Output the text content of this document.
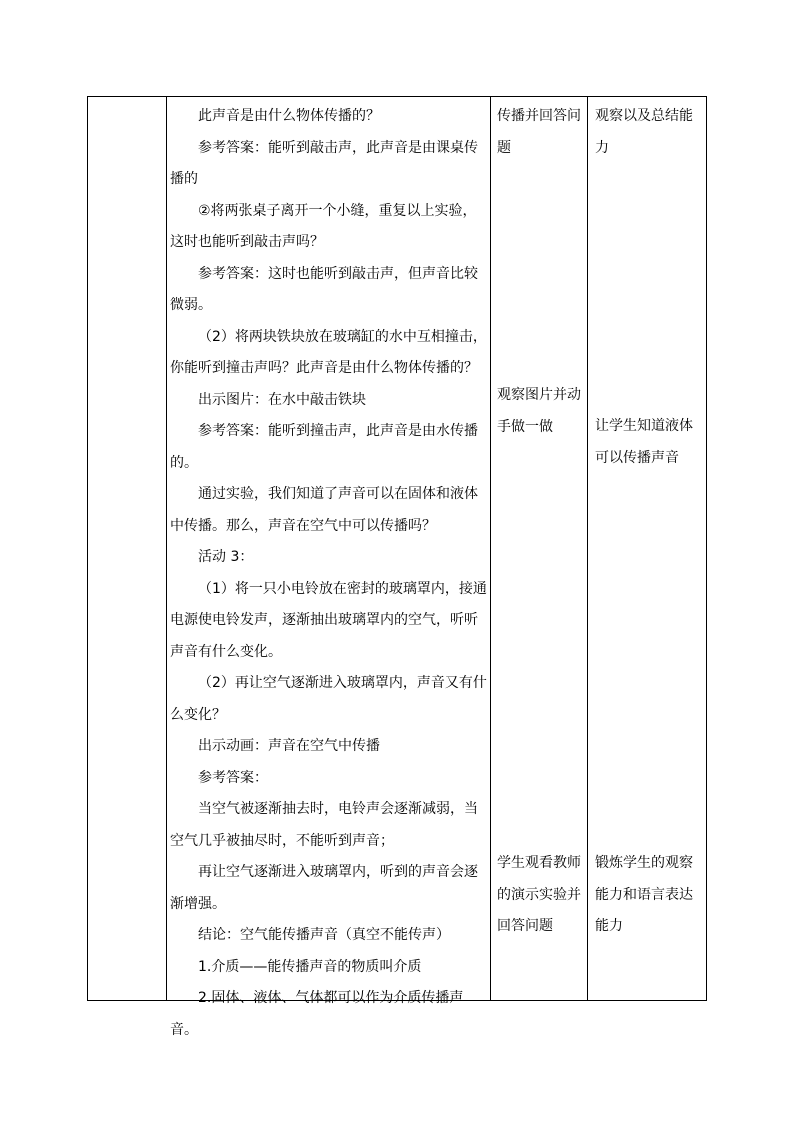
此声音是由什么物体传播的？

参考答案：能听到敲击声，此声音是由课桌传播的

②将两张桌子离开一个小缝，重复以上实验，这时也能听到敲击声吗？

参考答案：这时也能听到敲击声，但声音比较微弱。

（2）将两块铁块放在玻璃缸的水中互相撞击，你能听到撞击声吗？此声音是由什么物体传播的？

出示图片：在水中敲击铁块

参考答案：能听到撞击声，此声音是由水传播的。

通过实验，我们知道了声音可以在固体和液体中传播。那么，声音在空气中可以传播吗？

活动 3：

（1）将一只小电铃放在密封的玻璃罩内，接通电源使电铃发声，逐渐抽出玻璃罩内的空气，听听声音有什么变化。

（2）再让空气逐渐进入玻璃罩内，声音又有什么变化？

出示动画：声音在空气中传播

参考答案：

当空气被逐渐抽去时，电铃声会逐渐减弱，当空气几乎被抽尽时，不能听到声音；

再让空气逐渐进入玻璃罩内，听到的声音会逐渐增强。

结论：空气能传播声音（真空不能传声）

1.介质——能传播声音的物质叫介质

2.固体、液体、气体都可以作为介质传播声音。

传播并回答问题
观察图片并动手做一做
学生观看教师的演示实验并回答问题
观察以及总结能力
让学生知道液体可以传播声音
锻炼学生的观察能力和语言表达能力
